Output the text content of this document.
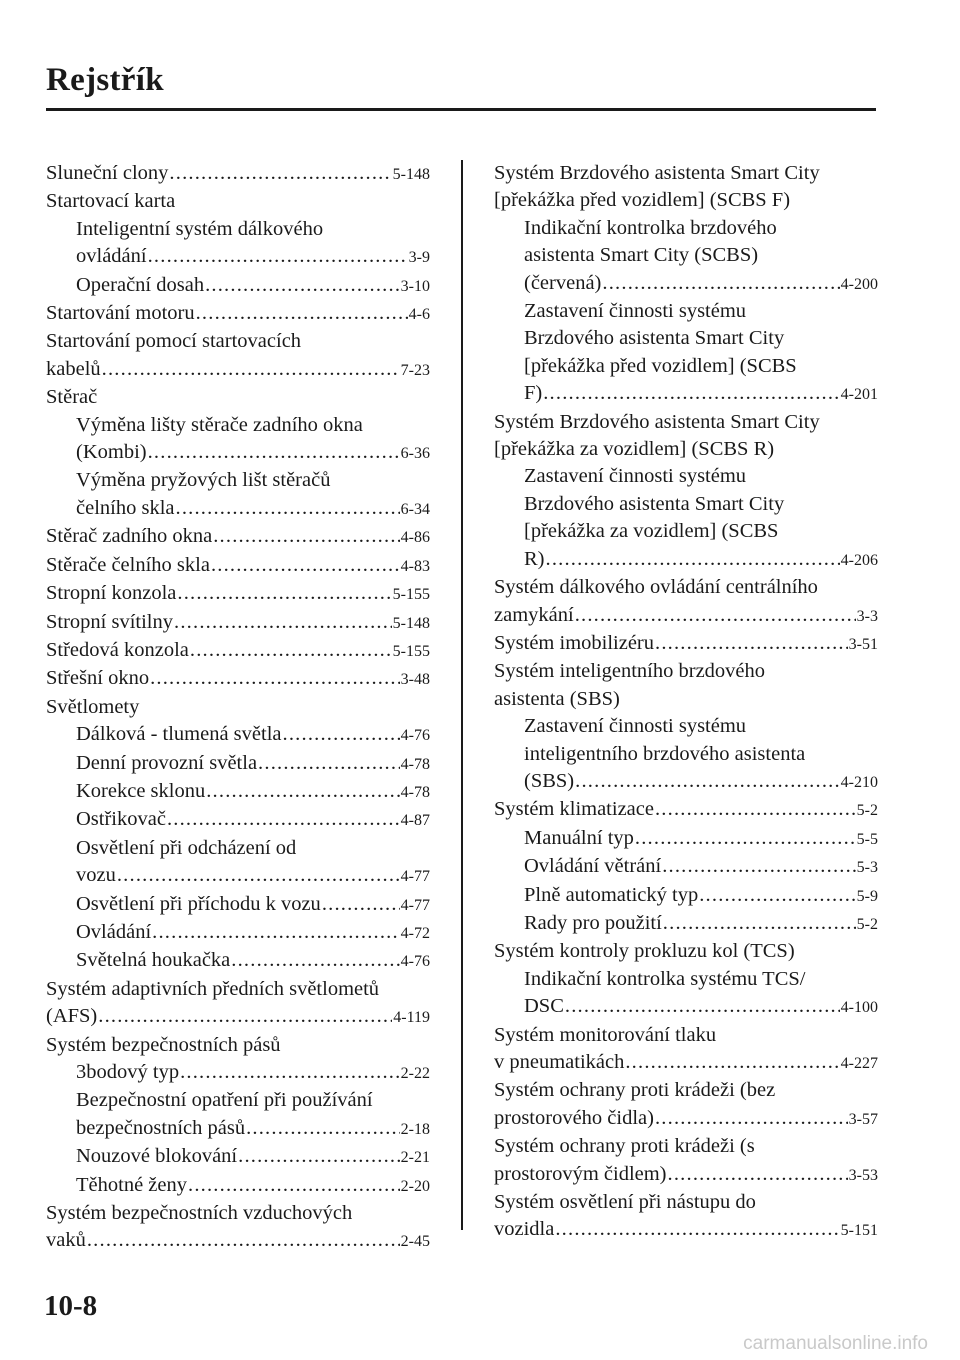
Rejstřík
Sluneční clony .....	5-148
Startovací karta
Inteligentní systém dálkového
ovládání .....	3-9
Operační dosah .....	3-10
Startování motoru .....	4-6
Startování pomocí startovacích
kabelů .....	7-23
Stěrač
Výměna lišty stěrače zadního okna
(Kombi) .....	6-36
Výměna pryžových lišt stěračů
čelního skla .....	6-34
Stěrač zadního okna .....	4-86
Stěrače čelního skla .....	4-83
Stropní konzola .....	5-155
Stropní svítilny .....	5-148
Středová konzola .....	5-155
Střešní okno .....	3-48
Světlomety
Dálková - tlumená světla .....	4-76
Denní provozní světla .....	4-78
Korekce sklonu .....	4-78
Ostřikovač .....	4-87
Osvětlení při odcházení od
vozu .....	4-77
Osvětlení při příchodu k vozu .....	4-77
Ovládání .....	4-72
Světelná houkačka .....	4-76
Systém adaptivních předních světlometů
(AFS) .....	4-119
Systém bezpečnostních pásů
3bodový typ .....	2-22
Bezpečnostní opatření při používání
bezpečnostních pásů .....	2-18
Nouzové blokování .....	2-21
Těhotné ženy .....	2-20
Systém bezpečnostních vzduchových
vaků .....	2-45
Systém Brzdového asistenta Smart City
[překážka před vozidlem] (SCBS F)
Indikační kontrolka brzdového
asistenta Smart City (SCBS)
(červená) .....	4-200
Zastavení činnosti systému
Brzdového asistenta Smart City
[překážka před vozidlem] (SCBS
F) .....	4-201
Systém Brzdového asistenta Smart City
[překážka za vozidlem] (SCBS R)
Zastavení činnosti systému
Brzdového asistenta Smart City
[překážka za vozidlem] (SCBS
R) .....	4-206
Systém dálkového ovládání centrálního
zamykání .....	3-3
Systém imobilizéru .....	3-51
Systém inteligentního brzdového
asistenta (SBS)
Zastavení činnosti systému
inteligentního brzdového asistenta
(SBS) .....	4-210
Systém klimatizace .....	5-2
Manuální typ .....	5-5
Ovládání větrání .....	5-3
Plně automatický typ .....	5-9
Rady pro použití .....	5-2
Systém kontroly prokluzu kol (TCS)
Indikační kontrolka systému TCS/
DSC .....	4-100
Systém monitorování tlaku
v pneumatikách .....	4-227
Systém ochrany proti krádeži (bez
prostorového čidla) .....	3-57
Systém ochrany proti krádeži (s
prostorovým čidlem) .....	3-53
Systém osvětlení při nástupu do
vozidla .....	5-151
10-8
carmanualsonline.info
